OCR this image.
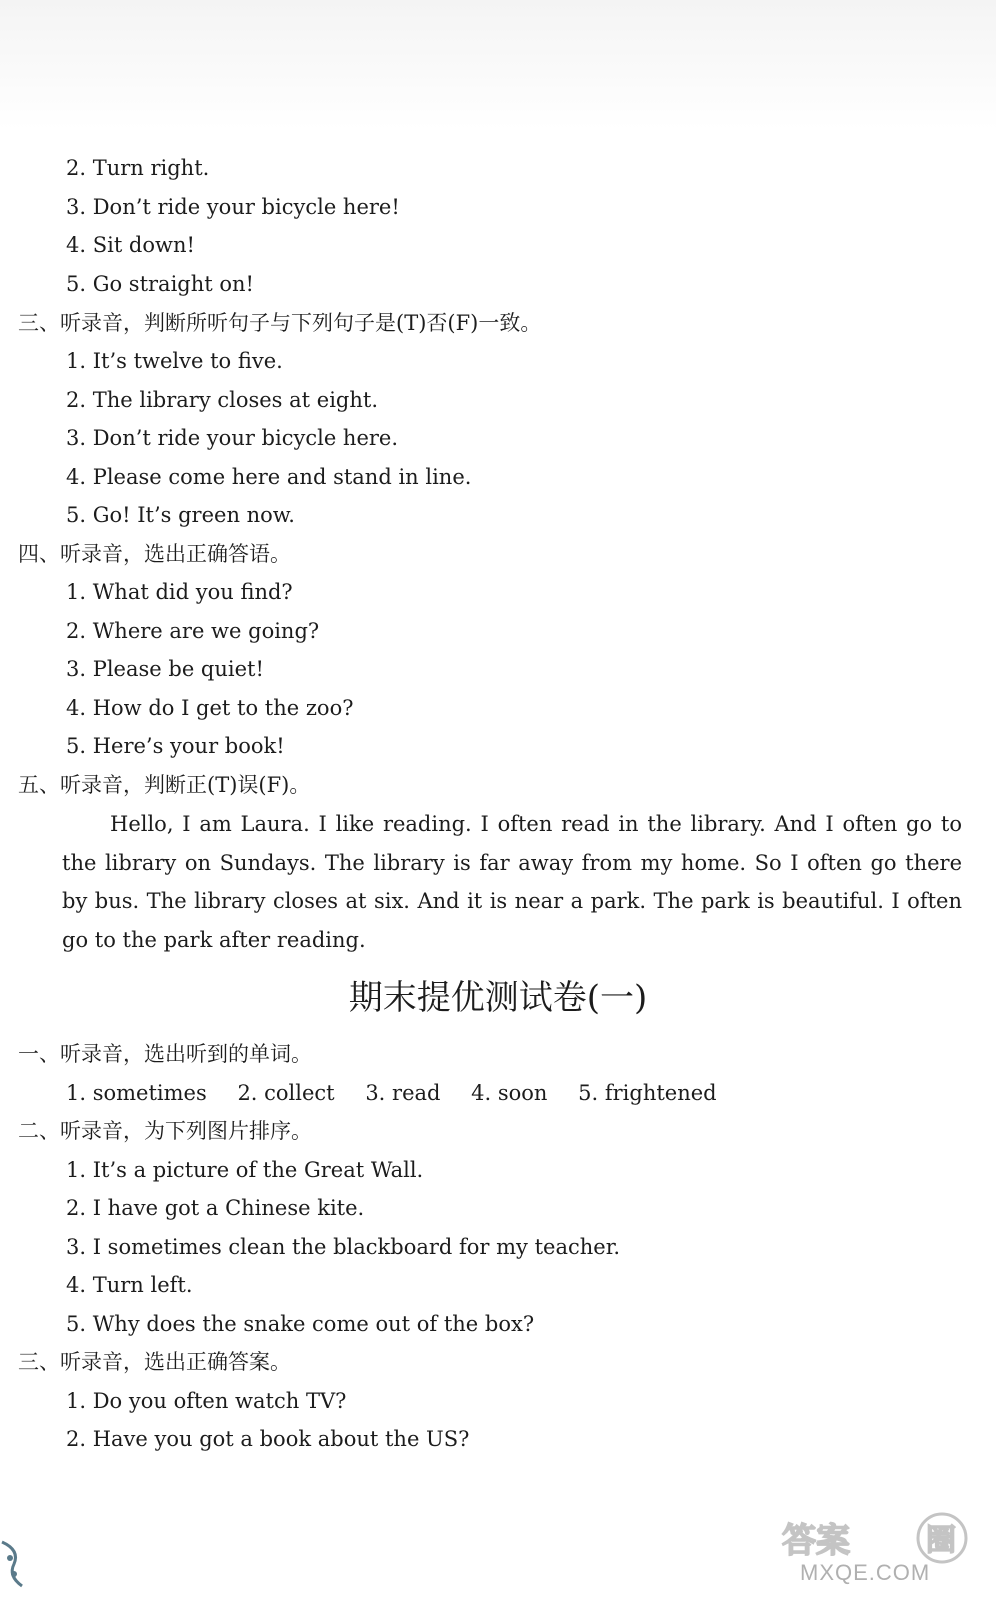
2. Turn right.
3. Don’t ride your bicycle here!
4. Sit down!
5. Go straight on!
三、听录音，判断所听句子与下列句子是(T)否(F)一致。
1. It’s twelve to five.
2. The library closes at eight.
3. Don’t ride your bicycle here.
4. Please come here and stand in line.
5. Go! It’s green now.
四、听录音，选出正确答语。
1. What did you find?
2. Where are we going?
3. Please be quiet!
4. How do I get to the zoo?
5. Here’s your book!
五、听录音，判断正(T)误(F)。
Hello, I am Laura. I like reading. I often read in the library. And I often go to the library on Sundays. The library is far away from my home. So I often go there by bus. The library closes at six. And it is near a park. The park is beautiful. I often go to the park after reading.
期末提优测试卷(一)
一、听录音，选出听到的单词。
1. sometimes 2. collect 3. read 4. soon 5. frightened
二、听录音，为下列图片排序。
1. It’s a picture of the Great Wall.
2. I have got a Chinese kite.
3. I sometimes clean the blackboard for my teacher.
4. Turn left.
5. Why does the snake come out of the box?
三、听录音，选出正确答案。
1. Do you often watch TV?
2. Have you got a book about the US?
答案	圈
MXQE.COM
